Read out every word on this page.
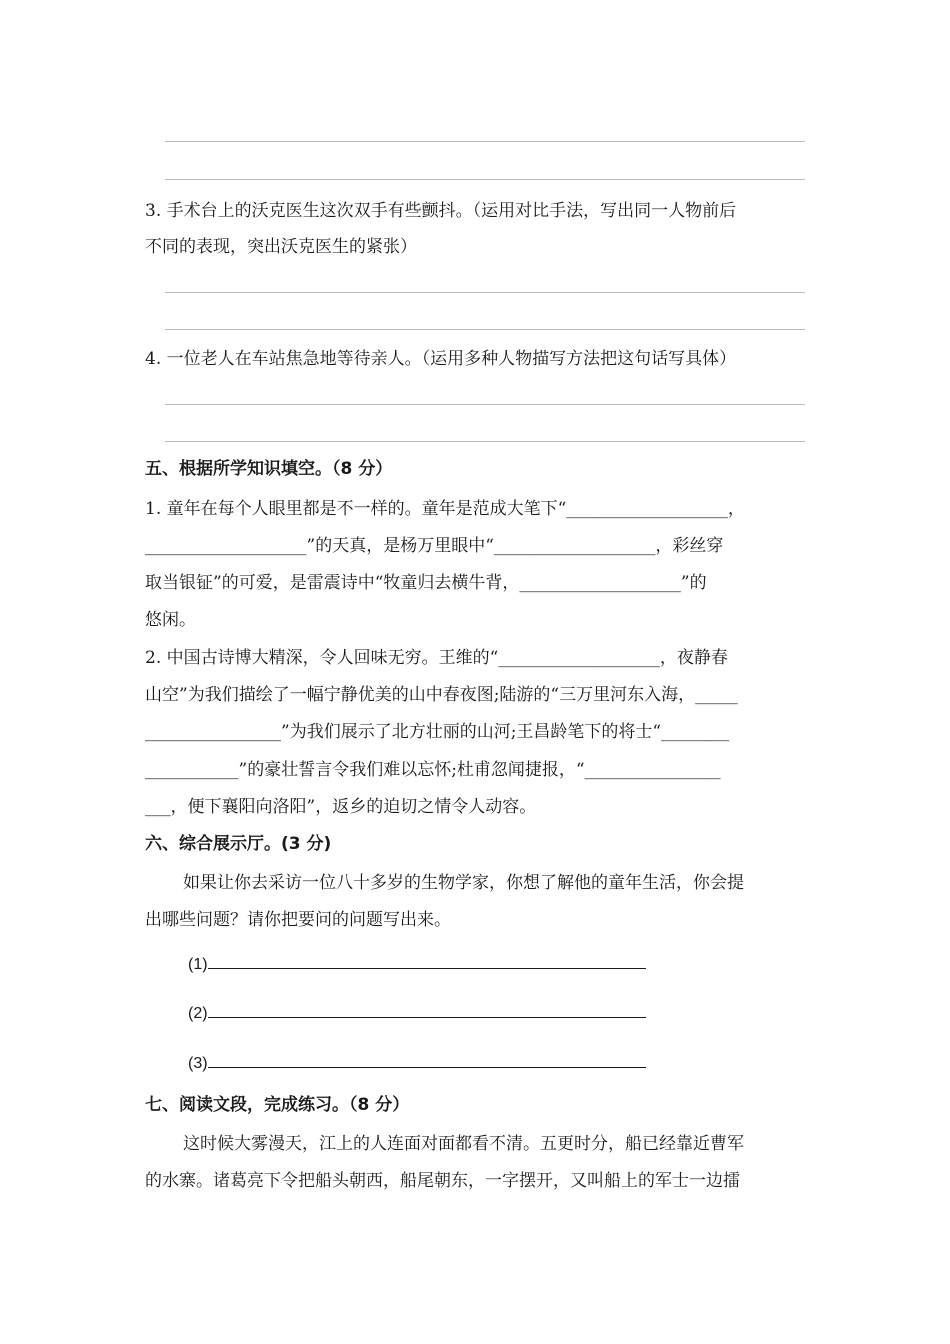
3. 手术台上的沃克医生这次双手有些颤抖。（运用对比手法，写出同一人物前后
不同的表现，突出沃克医生的紧张）
4. 一位老人在车站焦急地等待亲人。（运用多种人物描写方法把这句话写具体）
五、根据所学知识填空。（8 分）
1. 童年在每个人眼里都是不一样的。童年是范成大笔下“___________________，
___________________”的天真，是杨万里眼中“___________________，彩丝穿
取当银钲”的可爱，是雷震诗中“牧童归去横牛背，___________________”的
悠闲。
2. 中国古诗博大精深，令人回味无穷。王维的“___________________，夜静春
山空”为我们描绘了一幅宁静优美的山中春夜图;陆游的“三万里河东入海，_____
________________”为我们展示了北方壮丽的山河;王昌龄笔下的将士“________
___________”的豪壮誓言令我们难以忘怀;杜甫忽闻捷报，“________________
___，便下襄阳向洛阳”，返乡的迫切之情令人动容。
六、综合展示厅。(3 分)
如果让你去采访一位八十多岁的生物学家，你想了解他的童年生活，你会提
出哪些问题？请你把要问的问题写出来。
(1)
(2)
(3)
七、阅读文段，完成练习。（8 分）
这时候大雾漫天，江上的人连面对面都看不清。五更时分，船已经靠近曹军
的水寨。诸葛亮下令把船头朝西，船尾朝东，一字摆开，又叫船上的军士一边擂
